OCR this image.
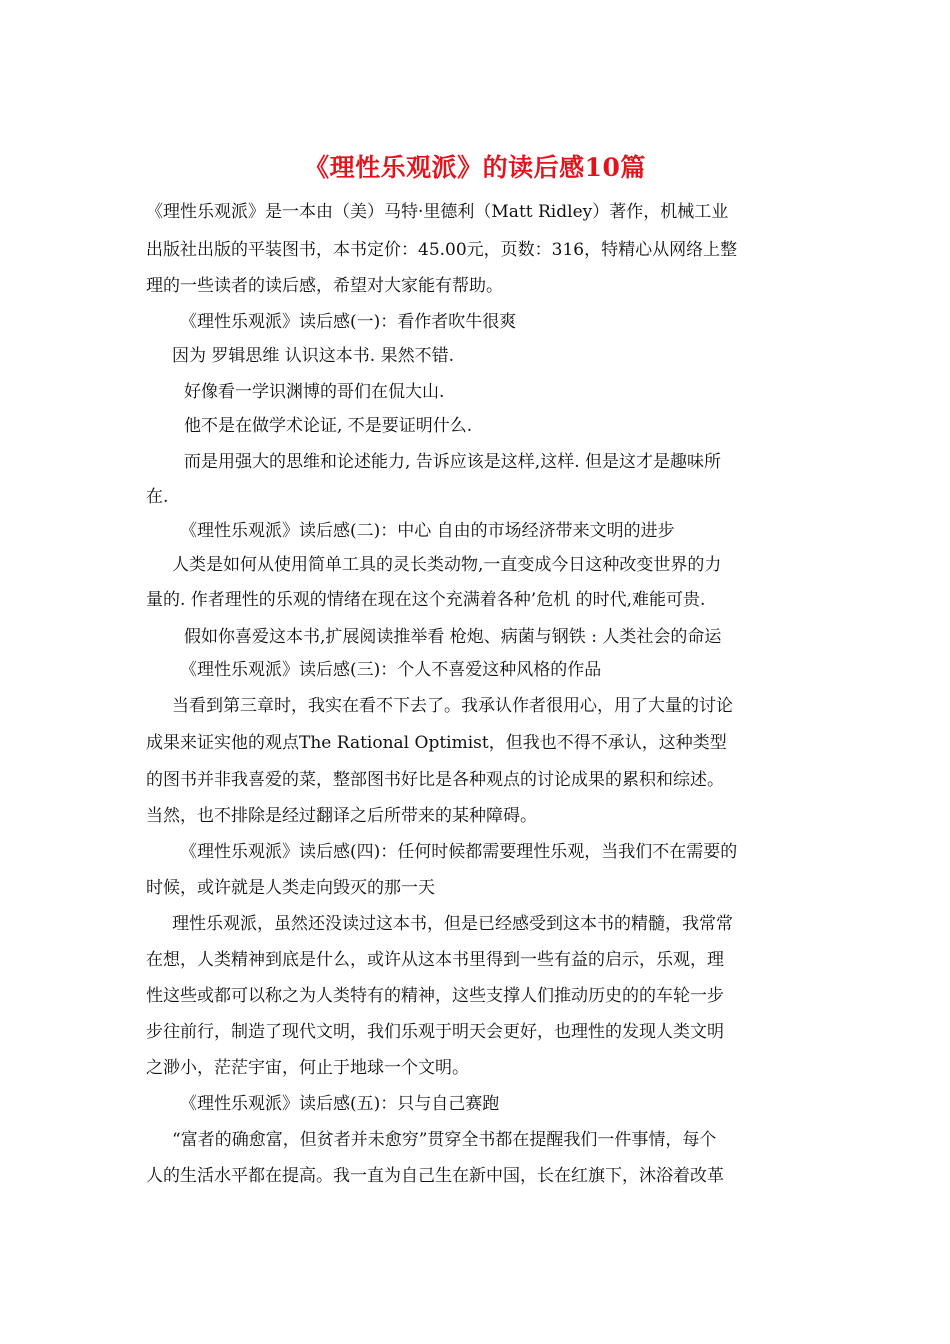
《理性乐观派》的读后感10篇
《理性乐观派》是一本由（美）马特·里德利（Matt Ridley）著作，机械工业
出版社出版的平装图书，本书定价：45.00元，页数：316，特精心从网络上整
理的一些读者的读后感，希望对大家能有帮助。
《理性乐观派》读后感(一)：看作者吹牛很爽
因为 罗辑思维 认识这本书. 果然不错.
好像看一学识渊博的哥们在侃大山.
他不是在做学术论证, 不是要证明什么.
而是用强大的思维和论述能力, 告诉应该是这样,这样. 但是这才是趣味所
在.
《理性乐观派》读后感(二)：中心 自由的市场经济带来文明的进步
人类是如何从使用简单工具的灵长类动物,一直变成今日这种改变世界的力
量的. 作者理性的乐观的情绪在现在这个充满着各种’危机 的时代,难能可贵.
假如你喜爱这本书,扩展阅读推举看 枪炮、病菌与钢铁 : 人类社会的命运
《理性乐观派》读后感(三)：个人不喜爱这种风格的作品
当看到第三章时，我实在看不下去了。我承认作者很用心，用了大量的讨论
成果来证实他的观点The Rational Optimist，但我也不得不承认，这种类型
的图书并非我喜爱的菜，整部图书好比是各种观点的讨论成果的累积和综述。
当然，也不排除是经过翻译之后所带来的某种障碍。
《理性乐观派》读后感(四)：任何时候都需要理性乐观，当我们不在需要的
时候，或许就是人类走向毁灭的那一天
理性乐观派，虽然还没读过这本书，但是已经感受到这本书的精髓，我常常
在想，人类精神到底是什么，或许从这本书里得到一些有益的启示，乐观，理
性这些或都可以称之为人类特有的精神，这些支撑人们推动历史的的车轮一步
步往前行，制造了现代文明，我们乐观于明天会更好，也理性的发现人类文明
之渺小，茫茫宇宙，何止于地球一个文明。
《理性乐观派》读后感(五)：只与自己赛跑
“富者的确愈富，但贫者并未愈穷”贯穿全书都在提醒我们一件事情，每个
人的生活水平都在提高。我一直为自己生在新中国，长在红旗下，沐浴着改革
